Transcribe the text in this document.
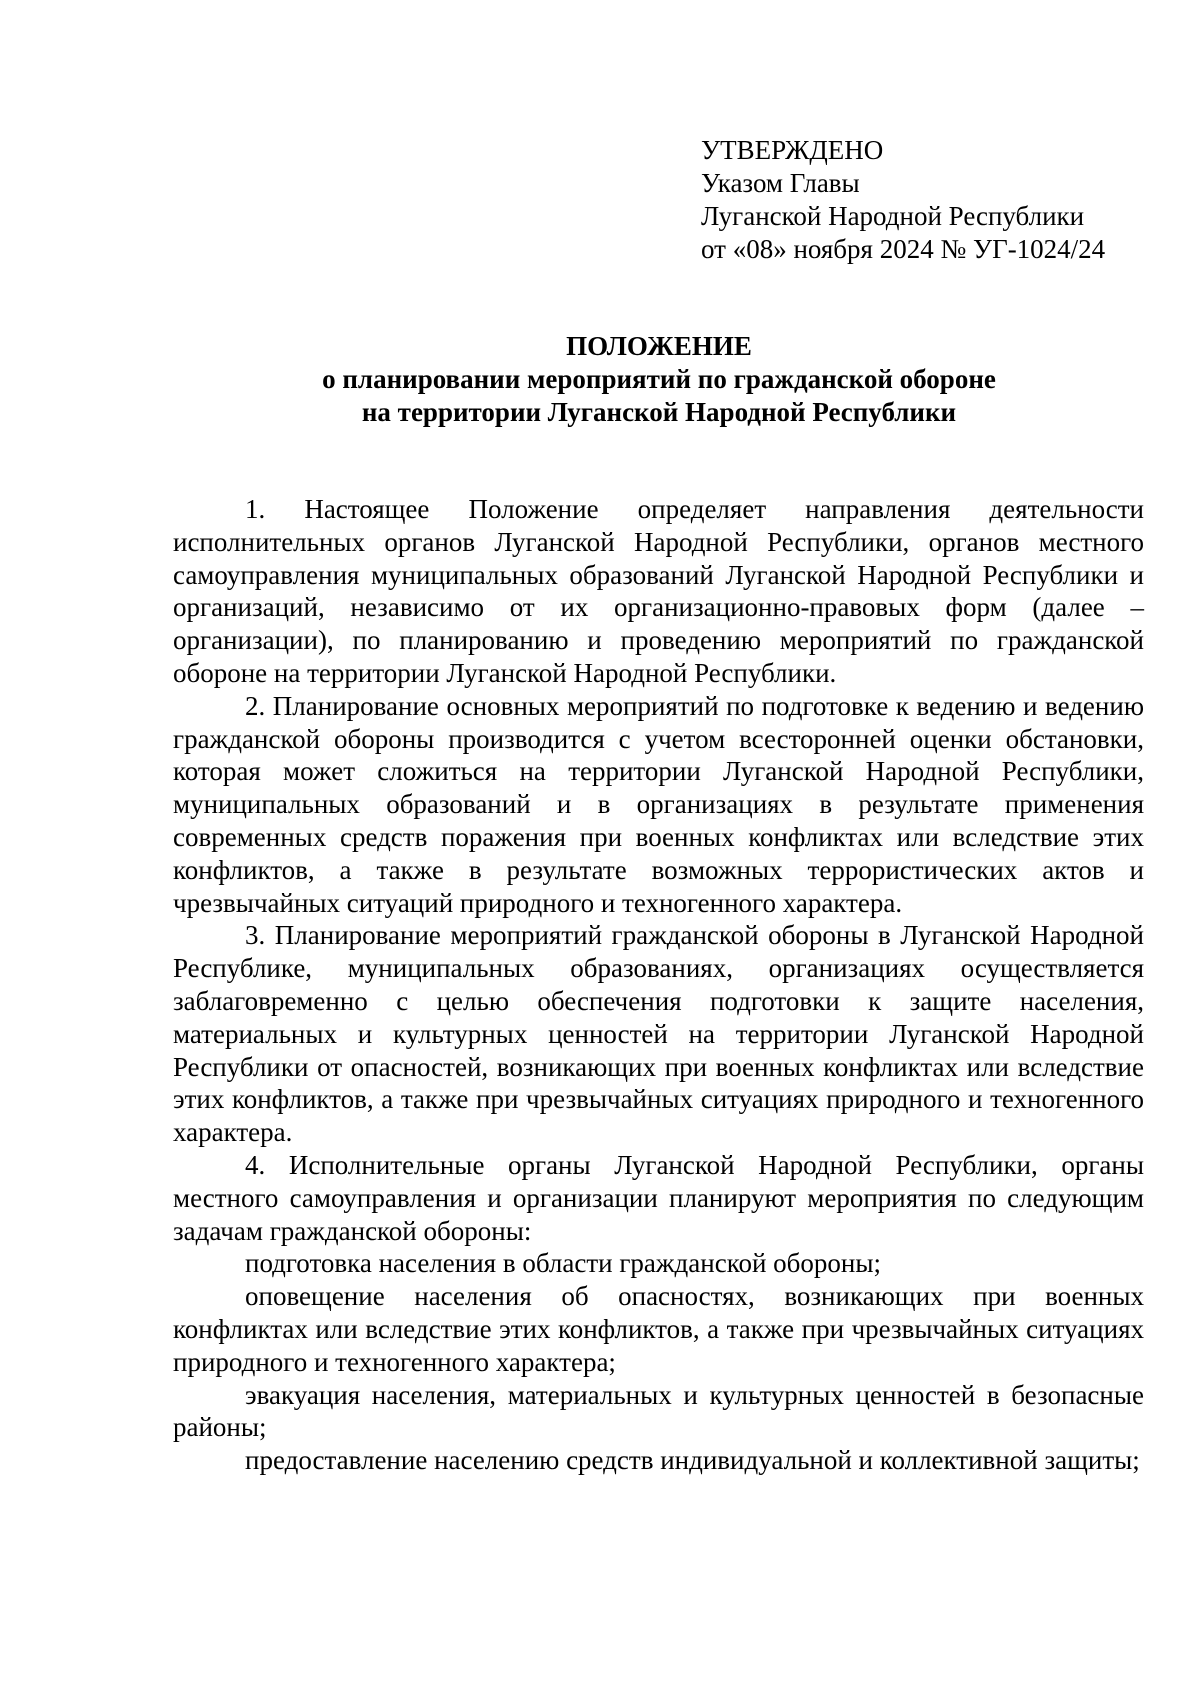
УТВЕРЖДЕНО
Указом Главы
Луганской Народной Республики
от «08» ноября 2024 № УГ-1024/24
ПОЛОЖЕНИЕ
о планировании мероприятий по гражданской обороне
на территории Луганской Народной Республики

1. Настоящее Положение определяет направления деятельности исполнительных органов Луганской Народной Республики, органов местного самоуправления муниципальных образований Луганской Народной Республики и организаций, независимо от их организационно-правовых форм (далее – организации), по планированию и проведению мероприятий по гражданской обороне на территории Луганской Народной Республики.

2. Планирование основных мероприятий по подготовке к ведению и ведению гражданской обороны производится с учетом всесторонней оценки обстановки, которая может сложиться на территории Луганской Народной Республики, муниципальных образований и в организациях в результате применения современных средств поражения при военных конфликтах или вследствие этих конфликтов, а также в результате возможных террористических актов и чрезвычайных ситуаций природного и техногенного характера.

3. Планирование мероприятий гражданской обороны в Луганской Народной Республике, муниципальных образованиях, организациях осуществляется заблаговременно с целью обеспечения подготовки к защите населения, материальных и культурных ценностей на территории Луганской Народной Республики от опасностей, возникающих при военных конфликтах или вследствие этих конфликтов, а также при чрезвычайных ситуациях природного и техногенного характера.

4. Исполнительные органы Луганской Народной Республики, органы местного самоуправления и организации планируют мероприятия по следующим задачам гражданской обороны:

подготовка населения в области гражданской обороны;

оповещение населения об опасностях, возникающих при военных конфликтах или вследствие этих конфликтов, а также при чрезвычайных ситуациях природного и техногенного характера;

эвакуация населения, материальных и культурных ценностей в безопасные районы;

предоставление населению средств индивидуальной и коллективной защиты;
